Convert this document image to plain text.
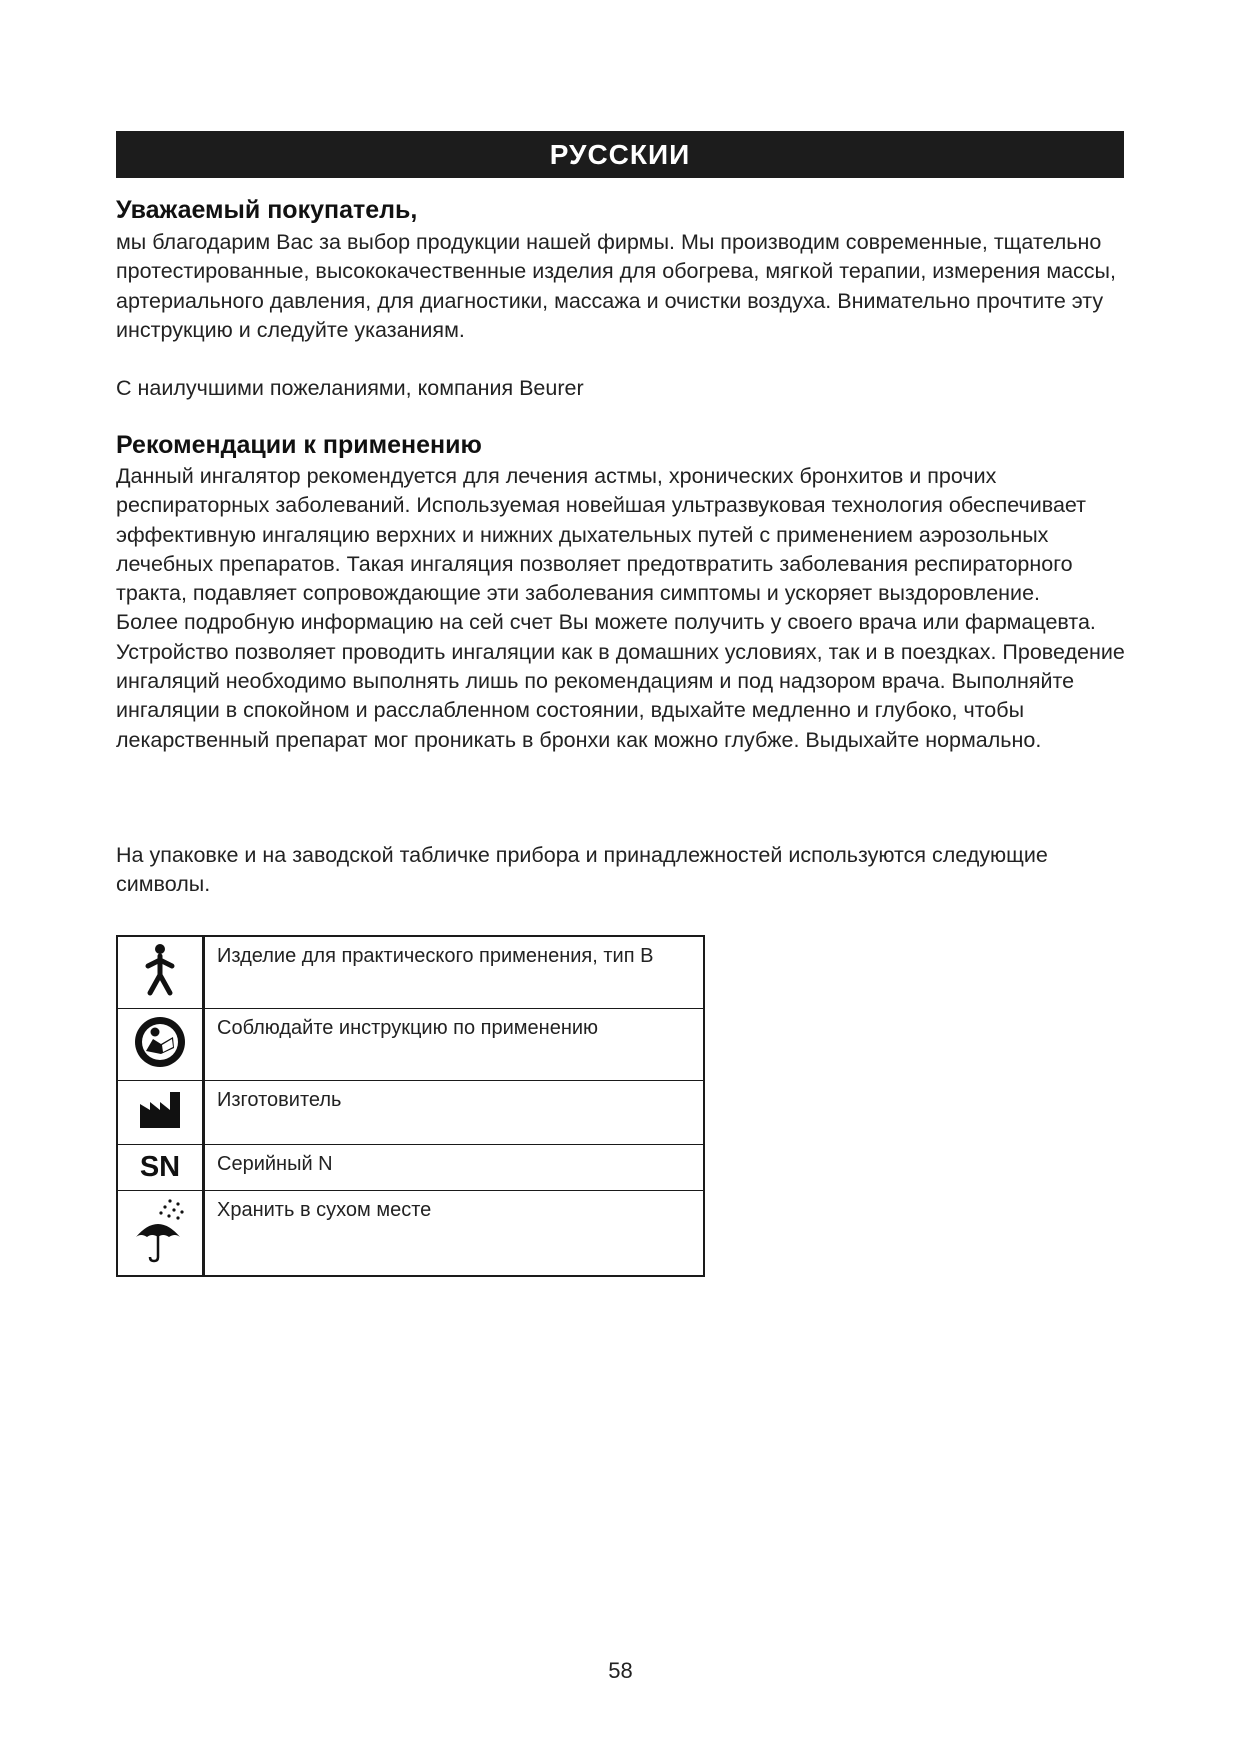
РУССКИИ
Уважаемый покупатель,
мы благодарим Вас за выбор продукции нашей фирмы. Мы производим современные, тщательно протестированные, высококачественные изделия для обогрева, мягкой терапии, измерения массы, артериального давления, для диагностики, массажа и очистки воздуха. Внимательно прочтите эту инструкцию и следуйте указаниям.
С наилучшими пожеланиями, компания Beurer
Рекомендации к применению

Данный ингалятор рекомендуется для лечения астмы, хронических бронхитов и прочих респираторных заболеваний. Используемая новейшая ультразвуковая технология обеспечивает эффективную ингаляцию верхних и нижних дыхательных путей с применением аэрозольных лечебных препаратов. Такая ингаляция позволяет предотвратить заболевания респираторного тракта, подавляет сопровождающие эти заболевания симптомы и ускоряет выздоровление.

Более подробную информацию на сей счет Вы можете получить у своего врача или фармацевта. Устройство позволяет проводить ингаляции как в домашних условиях, так и в поездках. Проведение ингаляций необходимо выполнять лишь по рекомендациям и под надзором врача. Выполняйте ингаляции в спокойном и расслабленном состоянии, вдыхайте медленно и глубоко, чтобы лекарственный препарат мог проникать в бронхи как можно глубже. Выдыхайте нормально.

На упаковке и на заводской табличке прибора и принадлежностей используются следующие символы.
	Изделие для практического применения, тип B
	Соблюдайте инструкцию по применению
	Изготовитель
SN	Серийный N
	Хранить в сухом месте
58
